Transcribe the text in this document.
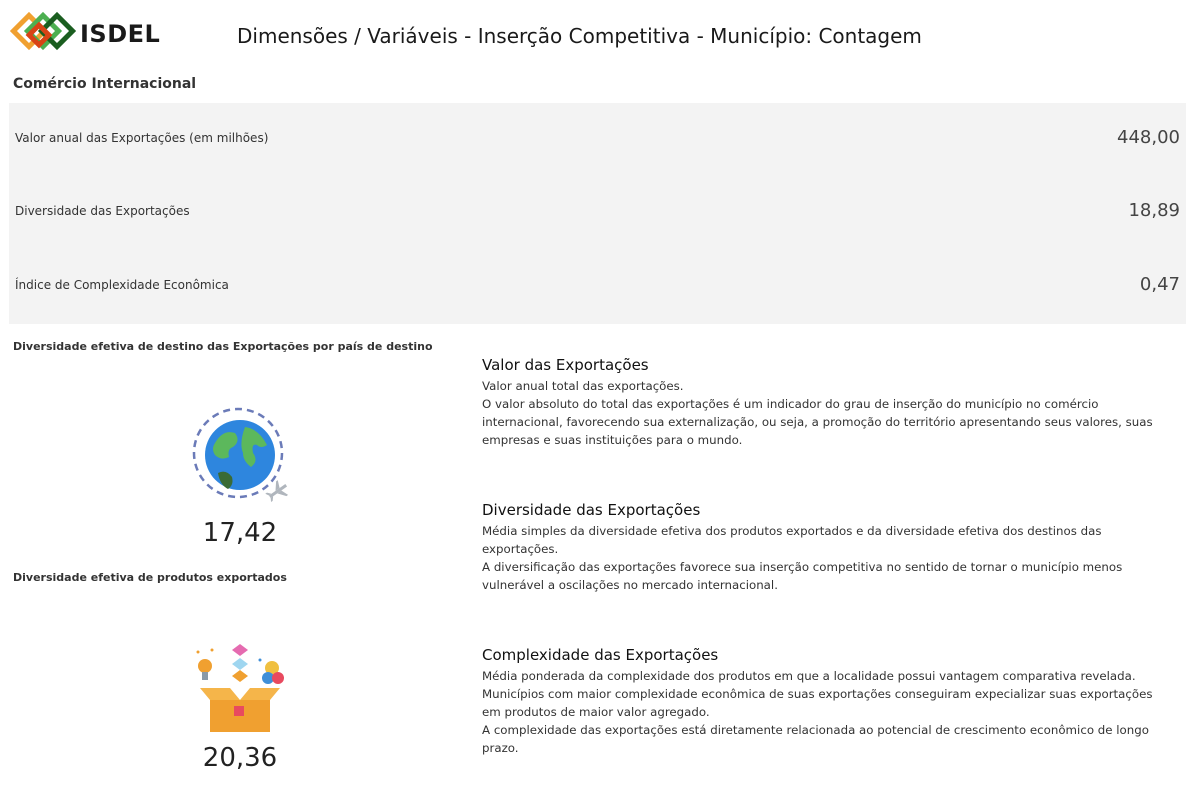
ISDEL	Dimensões / Variáveis - Inserção Competitiva - Município: Contagem
Comércio Internacional
Valor anual das Exportações (em milhões)	448,00
Diversidade das Exportações	18,89
Índice de Complexidade Econômica	0,47
Diversidade efetiva de destino das Exportações por país de destino
17,42
Diversidade efetiva de produtos exportados
20,36
Valor das Exportações
Valor anual total das exportações.
O valor absoluto do total das exportações é um indicador do grau de inserção do município no comércio
internacional, favorecendo sua externalização, ou seja, a promoção do território apresentando seus valores, suas
empresas e suas instituições para o mundo.
Diversidade das Exportações
Média simples da diversidade efetiva dos produtos exportados e da diversidade efetiva dos destinos das
exportações.
A diversificação das exportações favorece sua inserção competitiva no sentido de tornar o município menos
vulnerável a oscilações no mercado internacional.
Complexidade das Exportações
Média ponderada da complexidade dos produtos em que a localidade possui vantagem comparativa revelada.
Municípios com maior complexidade econômica de suas exportações conseguiram expecializar suas exportações
em produtos de maior valor agregado.
A complexidade das exportações está diretamente relacionada ao potencial de crescimento econômico de longo
prazo.
